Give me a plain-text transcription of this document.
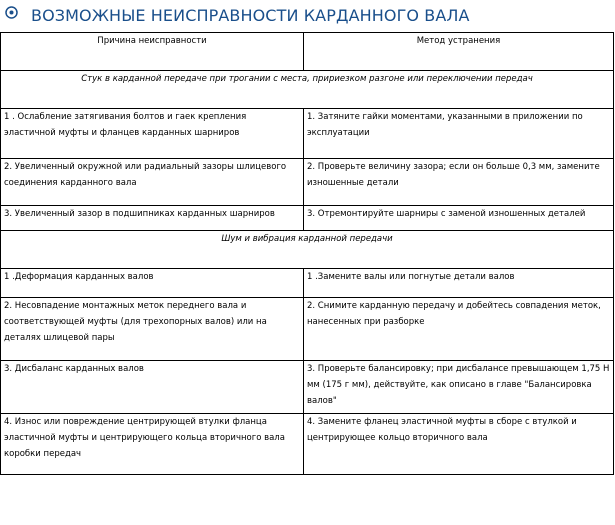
ВОЗМОЖНЫЕ НЕИСПРАВНОСТИ КАРДАННОГО ВАЛА
Причина неисправности	Метод устранения
Стук в карданной передаче при трогании с места, пририезком разгоне или переключении передач	
1 . Ослабление затягивания болтов и гаек крепления эластичной муфты и фланцев карданных шарниров	1. Затяните гайки моментами, указанными в приложении по эксплуатации
2. Увеличенный окружной или радиальный зазоры шлицевого соединения карданного вала	2. Проверьте величину зазора; если он больше 0,3 мм, замените изношенные детали
3. Увеличенный зазор в подшипниках карданных шарниров	3. Отремонтируйте шарниры с заменой изношенных деталей
Шум и вибрация карданной передачи	
1 .Деформация карданных валов	1 .Замените валы или погнутые детали валов
2. Несовпадение монтажных меток переднего вала и соответствующей муфты (для трехопорных валов) или на деталях шлицевой пары	2. Снимите карданную передачу и добейтесь совпадения меток, нанесенных при разборке
3. Дисбаланс карданных валов	3. Проверьте балансировку; при дисбалансе превышающем 1,75 Н мм (175 г мм), действуйте, как описано в главе "Балансировка валов"
4. Износ или повреждение центрирующей втулки фланца эластичной муфты и центрирующего кольца вторичного вала коробки передач	4. Замените фланец эластичной муфты в сборе с втулкой и центрирующее кольцо вторичного вала
